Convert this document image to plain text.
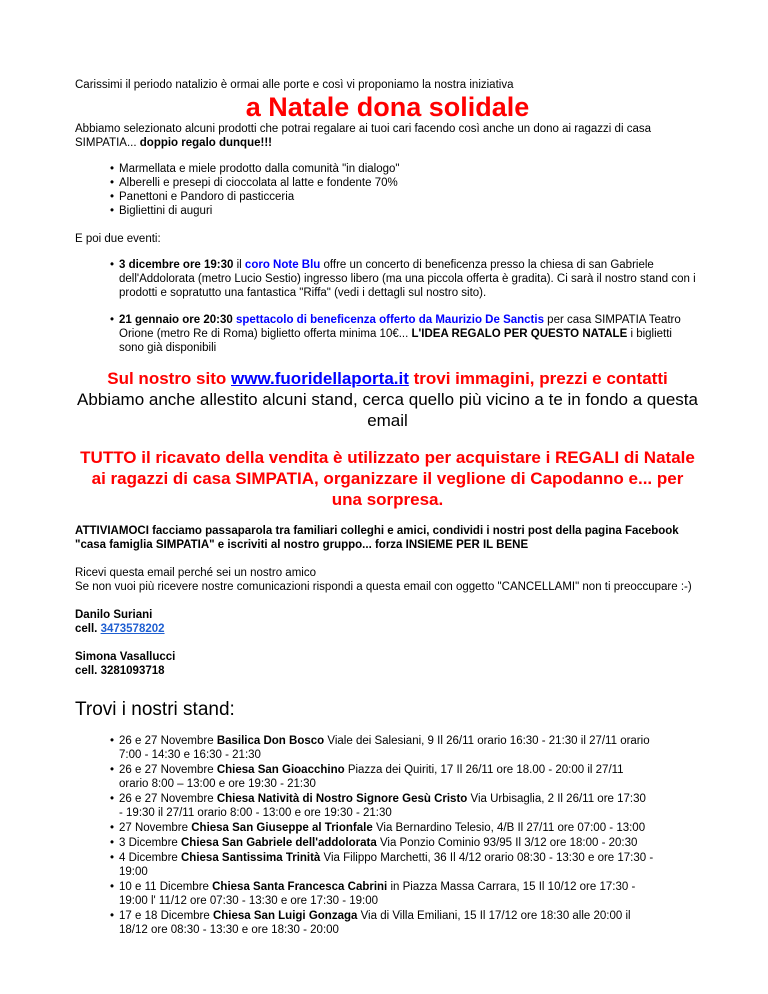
Carissimi il periodo natalizio è ormai alle porte e così vi proponiamo la nostra iniziativa

a Natale dona solidale

Abbiamo selezionato alcuni prodotti che potrai regalare ai tuoi cari facendo così anche un dono ai ragazzi di casa SIMPATIA... doppio regalo dunque!!!

• Marmellata e miele prodotto dalla comunità "in dialogo"
• Alberelli e presepi di cioccolata al latte e fondente 70%
• Panettoni e Pandoro di pasticceria
• Bigliettini di auguri

E poi due eventi:

• 3 dicembre ore 19:30 il coro Note Blu offre un concerto di beneficenza presso la chiesa di san Gabriele dell'Addolorata (metro Lucio Sestio) ingresso libero (ma una piccola offerta è gradita). Ci sarà il nostro stand con i prodotti e sopratutto una fantastica "Riffa" (vedi i dettagli sul nostro sito).
• 21 gennaio ore 20:30 spettacolo di beneficenza offerto da Maurizio De Sanctis per casa SIMPATIA Teatro Orione (metro Re di Roma) biglietto offerta minima 10€... L'IDEA REGALO PER QUESTO NATALE i biglietti sono già disponibili
Sul nostro sito www.fuoridellaporta.it trovi immagini, prezzi e contatti
Abbiamo anche allestito alcuni stand, cerca quello più vicino a te in fondo a questa email
TUTTO il ricavato della vendita è utilizzato per acquistare i REGALI di Natale ai ragazzi di casa SIMPATIA, organizzare il veglione di Capodanno e... per una sorpresa.

ATTIVIAMOCI facciamo passaparola tra familiari colleghi e amici, condividi i nostri post della pagina Facebook "casa famiglia SIMPATIA" e iscriviti al nostro gruppo... forza INSIEME PER IL BENE

Ricevi questa email perché sei un nostro amico

Se non vuoi più ricevere nostre comunicazioni rispondi a questa email con oggetto "CANCELLAMI" non ti preoccupare :-)

Danilo Suriani

cell. 3473578202

Simona Vasallucci

cell. 3281093718

Trovi i nostri stand:
• 26 e 27 Novembre Basilica Don Bosco Viale dei Salesiani, 9 Il 26/11 orario 16:30 - 21:30 il 27/11 orario
7:00 - 14:30 e 16:30 - 21:30
• 26 e 27 Novembre Chiesa San Gioacchino Piazza dei Quiriti, 17 Il 26/11 ore 18.00 - 20:00 il 27/11
orario 8:00 – 13:00 e ore 19:30 - 21:30
• 26 e 27 Novembre Chiesa Natività di Nostro Signore Gesù Cristo Via Urbisaglia, 2 Il 26/11 ore 17:30
- 19:30 il 27/11 orario 8:00 - 13:00 e ore 19:30 - 21:30
• 27 Novembre Chiesa San Giuseppe al Trionfale Via Bernardino Telesio, 4/B Il 27/11 ore 07:00 - 13:00
• 3 Dicembre Chiesa San Gabriele dell'addolorata Via Ponzio Cominio 93/95 Il 3/12 ore 18:00 - 20:30
• 4 Dicembre Chiesa Santissima Trinità Via Filippo Marchetti, 36 Il 4/12 orario 08:30 - 13:30 e ore 17:30 -
19:00
• 10 e 11 Dicembre Chiesa Santa Francesca Cabrini in Piazza Massa Carrara, 15 Il 10/12 ore 17:30 -
19:00 l' 11/12 ore 07:30 - 13:30 e ore 17:30 - 19:00
• 17 e 18 Dicembre Chiesa San Luigi Gonzaga Via di Villa Emiliani, 15 Il 17/12 ore 18:30 alle 20:00 il
18/12 ore 08:30 - 13:30 e ore 18:30 - 20:00
